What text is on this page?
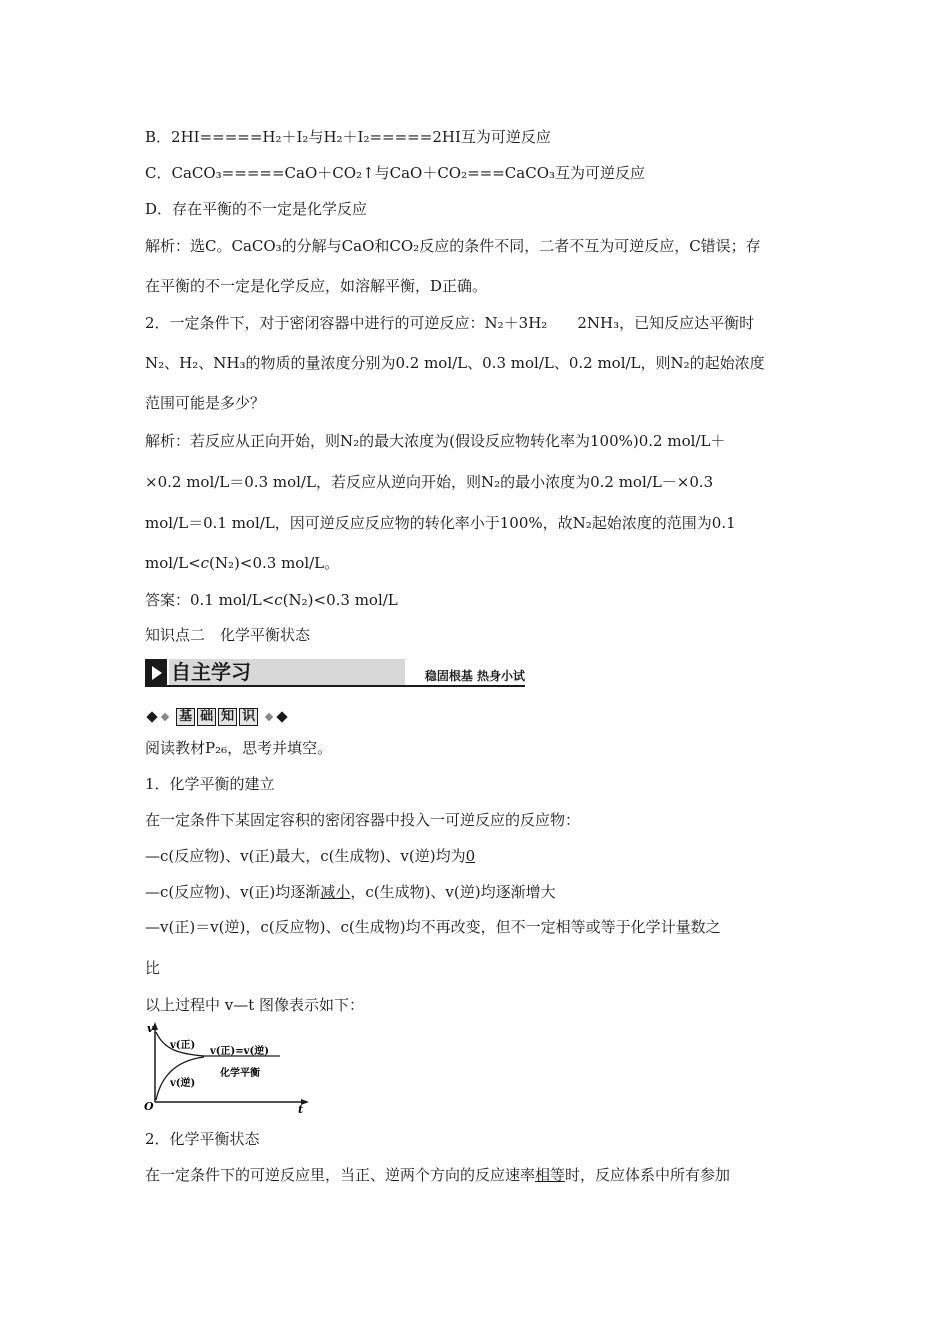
B．2HI=====H₂＋I₂与H₂＋I₂=====2HI互为可逆反应
C．CaCO₃=====CaO＋CO₂↑与CaO＋CO₂===CaCO₃互为可逆反应
D．存在平衡的不一定是化学反应
解析：选C。CaCO₃的分解与CaO和CO₂反应的条件不同，二者不互为可逆反应，C错误；存
在平衡的不一定是化学反应，如溶解平衡，D正确。
2．一定条件下，对于密闭容器中进行的可逆反应：N₂＋3H₂　　2NH₃，已知反应达平衡时
N₂、H₂、NH₃的物质的量浓度分别为0.2 mol/L、0.3 mol/L、0.2 mol/L，则N₂的起始浓度
范围可能是多少？
解析：若反应从正向开始，则N₂的最大浓度为(假设反应物转化率为100%)0.2 mol/L＋
×0.2 mol/L＝0.3 mol/L，若反应从逆向开始，则N₂的最小浓度为0.2 mol/L－×0.3
mol/L＝0.1 mol/L，因可逆反应反应物的转化率小于100%，故N₂起始浓度的范围为0.1
mol/L<c(N₂)<0.3 mol/L。
答案：0.1 mol/L<c(N₂)<0.3 mol/L
知识点二　化学平衡状态
自主学习	稳固根基 热身小试
基 础 知 识
阅读教材P₂₆，思考并填空。
1．化学平衡的建立
在一定条件下某固定容积的密闭容器中投入一可逆反应的反应物：
—c(反应物)、v(正)最大，c(生成物)、v(逆)均为0
—c(反应物)、v(正)均逐渐减小，c(生成物)、v(逆)均逐渐增大
—v(正)＝v(逆)，c(反应物)、c(生成物)均不再改变，但不一定相等或等于化学计量数之
比
以上过程中 v—t 图像表示如下：
v
t
O
v(正)
v(逆)
v(正)=v(逆)
化学平衡
2．化学平衡状态
在一定条件下的可逆反应里，当正、逆两个方向的反应速率相等时，反应体系中所有参加
